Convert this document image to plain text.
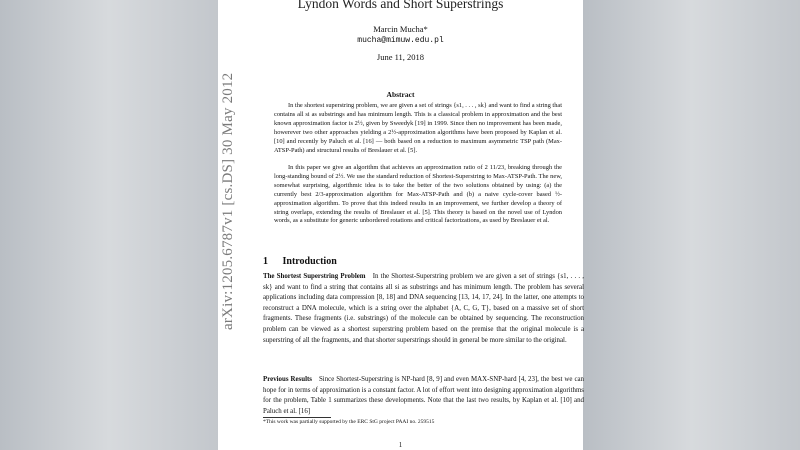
Lyndon Words and Short Superstrings
Marcin Mucha*
mucha@mimuw.edu.pl
June 11, 2018
Abstract

In the shortest superstring problem, we are given a set of strings {s1, . . . , sk} and want to find a string that contains all si as substrings and has minimum length. This is a classical problem in approximation and the best known approximation factor is 2½, given by Sweedyk [19] in 1999. Since then no improvement has been made, howerever two other approaches yielding a 2½-approximation algorithms have been proposed by Kaplan et al. [10] and recently by Paluch et al. [16] — both based on a reduction to maximum asymmetric TSP path (Max-ATSP-Path) and structural results of Breslauer et al. [5].

In this paper we give an algorithm that achieves an approximation ratio of 2 11/23, breaking through the long-standing bound of 2½. We use the standard reduction of Shortest-Superstring to Max-ATSP-Path. The new, somewhat surprising, algorithmic idea is to take the better of the two solutions obtained by using: (a) the currently best 2/3-approximation algorithm for Max-ATSP-Path and (b) a naive cycle-cover based ½-approximation algorithm. To prove that this indeed results in an improvement, we further develop a theory of string overlaps, extending the results of Breslauer et al. [5]. This theory is based on the novel use of Lyndon words, as a substitute for generic unbordered rotations and critical factorizations, as used by Breslauer et al.

1 Introduction

The Shortest Superstring Problem In the Shortest-Superstring problem we are given a set of strings {s1, . . . , sk} and want to find a string that contains all si as substrings and has minimum length. The problem has several applications including data compression [8, 18] and DNA sequencing [13, 14, 17, 24]. In the latter, one attempts to reconstruct a DNA molecule, which is a string over the alphabet {A, C, G, T}, based on a massive set of short fragments. These fragments (i.e. substrings) of the molecule can be obtained by sequencing. The reconstruction problem can be viewed as a shortest superstring problem based on the premise that the original molecule is a superstring of all the fragments, and that shorter superstrings should in general be more similar to the original.

Previous Results Since Shortest-Superstring is NP-hard [8, 9] and even MAX-SNP-hard [4, 23], the best we can hope for in terms of approximation is a constant factor. A lot of effort went into designing approximation algorithms for the problem, Table 1 summarizes these developments. Note that the last two results, by Kaplan et al. [10] and Paluch et al. [16]

*This work was partially supported by the ERC StG project PAAI no. 259515
1
arXiv:1205.6787v1 [cs.DS] 30 May 2012
